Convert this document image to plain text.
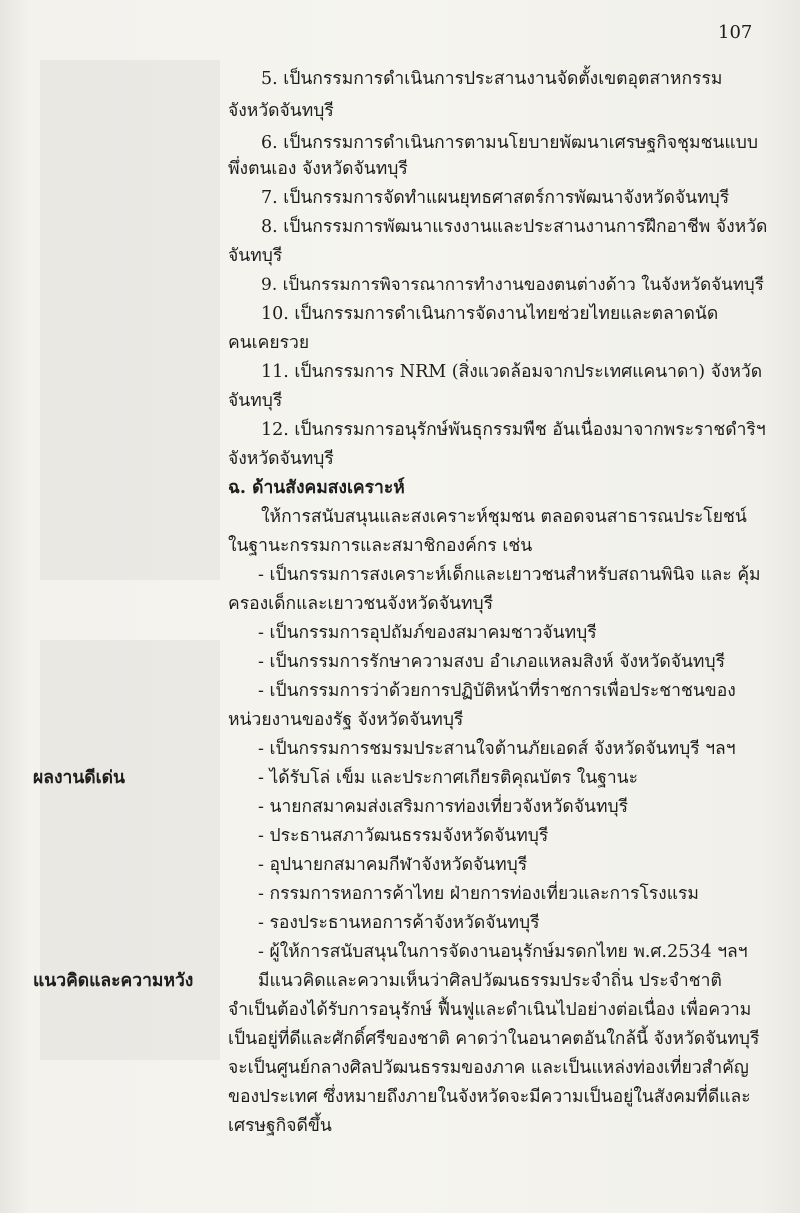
107
5. เป็นกรรมการดำเนินการประสานงานจัดตั้งเขตอุตสาหกรรม
จังหวัดจันทบุรี
6. เป็นกรรมการดำเนินการตามนโยบายพัฒนาเศรษฐกิจชุมชนแบบ
พึ่งตนเอง จังหวัดจันทบุรี
7. เป็นกรรมการจัดทำแผนยุทธศาสตร์การพัฒนาจังหวัดจันทบุรี
8. เป็นกรรมการพัฒนาแรงงานและประสานงานการฝึกอาชีพ จังหวัด
จันทบุรี
9. เป็นกรรมการพิจารณาการทำงานของตนต่างด้าว ในจังหวัดจันทบุรี
10. เป็นกรรมการดำเนินการจัดงานไทยช่วยไทยและตลาดนัด
คนเคยรวย
11. เป็นกรรมการ NRM (สิ่งแวดล้อมจากประเทศแคนาดา) จังหวัด
จันทบุรี
12. เป็นกรรมการอนุรักษ์พันธุกรรมพืช อันเนื่องมาจากพระราชดำริฯ
จังหวัดจันทบุรี
ฉ. ด้านสังคมสงเคราะห์
ให้การสนับสนุนและสงเคราะห์ชุมชน ตลอดจนสาธารณประโยชน์
ในฐานะกรรมการและสมาชิกองค์กร เช่น
- เป็นกรรมการสงเคราะห์เด็กและเยาวชนสำหรับสถานพินิจ และ คุ้ม
ครองเด็กและเยาวชนจังหวัดจันทบุรี
- เป็นกรรมการอุปถัมภ์ของสมาคมชาวจันทบุรี
- เป็นกรรมการรักษาความสงบ อำเภอแหลมสิงห์ จังหวัดจันทบุรี
- เป็นกรรมการว่าด้วยการปฏิบัติหน้าที่ราชการเพื่อประชาชนของ
หน่วยงานของรัฐ จังหวัดจันทบุรี
- เป็นกรรมการชมรมประสานใจต้านภัยเอดส์ จังหวัดจันทบุรี ฯลฯ
- ได้รับโล่ เข็ม และประกาศเกียรติคุณบัตร ในฐานะ
- นายกสมาคมส่งเสริมการท่องเที่ยวจังหวัดจันทบุรี
- ประธานสภาวัฒนธรรมจังหวัดจันทบุรี
- อุปนายกสมาคมกีฬาจังหวัดจันทบุรี
- กรรมการหอการค้าไทย ฝ่ายการท่องเที่ยวและการโรงแรม
- รองประธานหอการค้าจังหวัดจันทบุรี
- ผู้ให้การสนับสนุนในการจัดงานอนุรักษ์มรดกไทย พ.ศ.2534 ฯลฯ
มีแนวคิดและความเห็นว่าศิลปวัฒนธรรมประจำถิ่น ประจำชาติ
จำเป็นต้องได้รับการอนุรักษ์ ฟื้นฟูและดำเนินไปอย่างต่อเนื่อง เพื่อความ
เป็นอยู่ที่ดีและศักดิ์ศรีของชาติ คาดว่าในอนาคตอันใกล้นี้ จังหวัดจันทบุรี
จะเป็นศูนย์กลางศิลปวัฒนธรรมของภาค และเป็นแหล่งท่องเที่ยวสำคัญ
ของประเทศ ซึ่งหมายถึงภายในจังหวัดจะมีความเป็นอยู่ในสังคมที่ดีและ
เศรษฐกิจดีขึ้น
ผลงานดีเด่น
แนวคิดและความหวัง
